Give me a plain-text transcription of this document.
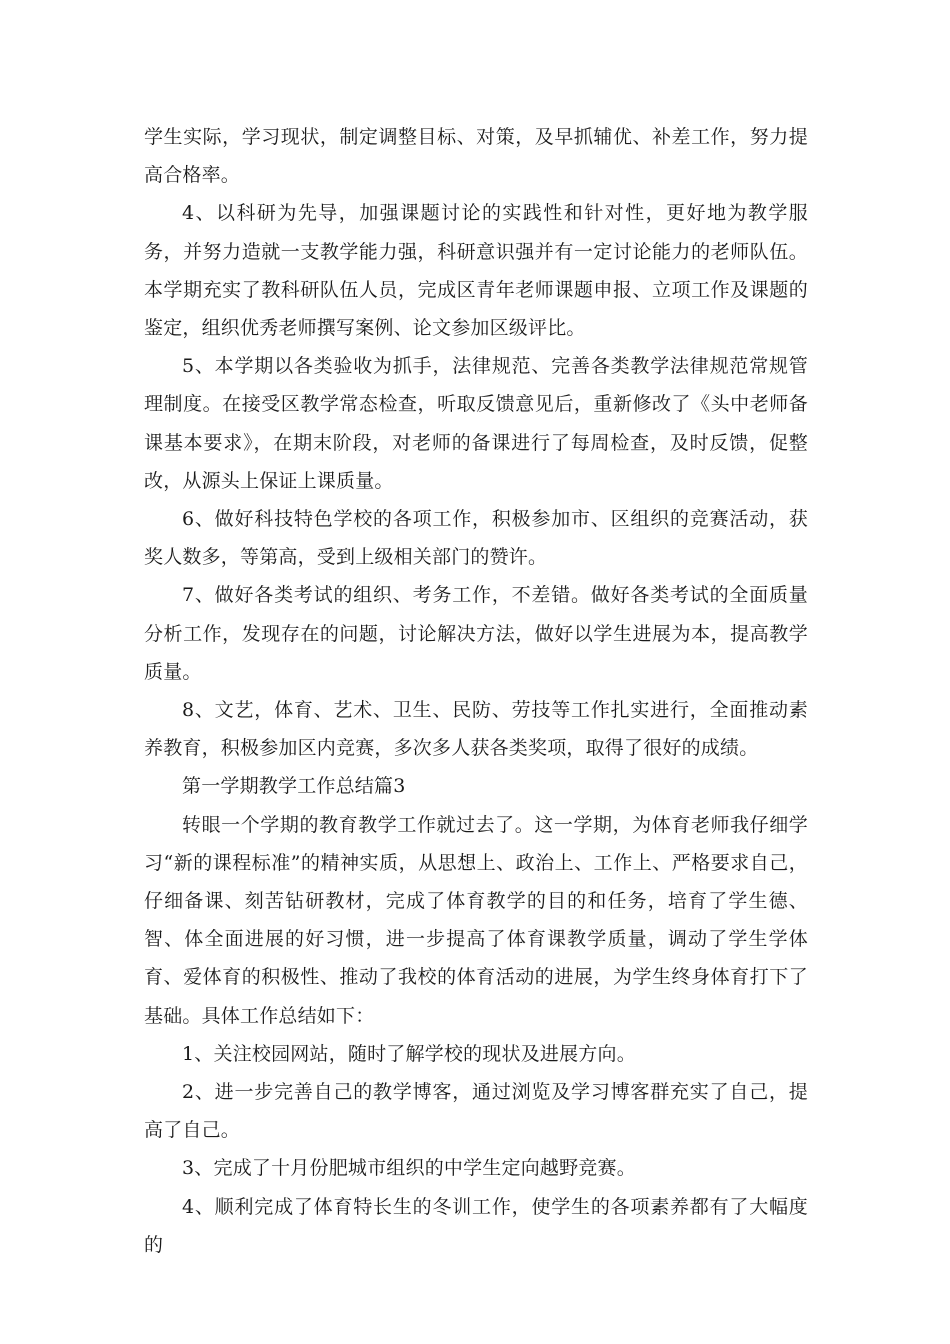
学生实际，学习现状，制定调整目标、对策，及早抓辅优、补差工作，努力提高合格率。

4、以科研为先导，加强课题讨论的实践性和针对性，更好地为教学服务，并努力造就一支教学能力强，科研意识强并有一定讨论能力的老师队伍。本学期充实了教科研队伍人员，完成区青年老师课题申报、立项工作及课题的鉴定，组织优秀老师撰写案例、论文参加区级评比。

5、本学期以各类验收为抓手，法律规范、完善各类教学法律规范常规管理制度。在接受区教学常态检查，听取反馈意见后，重新修改了《头中老师备课基本要求》，在期末阶段，对老师的备课进行了每周检查，及时反馈，促整改，从源头上保证上课质量。

6、做好科技特色学校的各项工作，积极参加市、区组织的竞赛活动，获奖人数多，等第高，受到上级相关部门的赞许。

7、做好各类考试的组织、考务工作，不差错。做好各类考试的全面质量分析工作，发现存在的问题，讨论解决方法，做好以学生进展为本，提高教学质量。

8、文艺，体育、艺术、卫生、民防、劳技等工作扎实进行，全面推动素养教育，积极参加区内竞赛，多次多人获各类奖项，取得了很好的成绩。

第一学期教学工作总结篇3

转眼一个学期的教育教学工作就过去了。这一学期，为体育老师我仔细学习“新的课程标准”的精神实质，从思想上、政治上、工作上、严格要求自己，仔细备课、刻苦钻研教材，完成了体育教学的目的和任务，培育了学生德、智、体全面进展的好习惯，进一步提高了体育课教学质量，调动了学生学体育、爱体育的积极性、推动了我校的体育活动的进展，为学生终身体育打下了基础。具体工作总结如下：

1、关注校园网站，随时了解学校的现状及进展方向。

2、进一步完善自己的教学博客，通过浏览及学习博客群充实了自己，提高了自己。

3、完成了十月份肥城市组织的中学生定向越野竞赛。

4、顺利完成了体育特长生的冬训工作，使学生的各项素养都有了大幅度的
